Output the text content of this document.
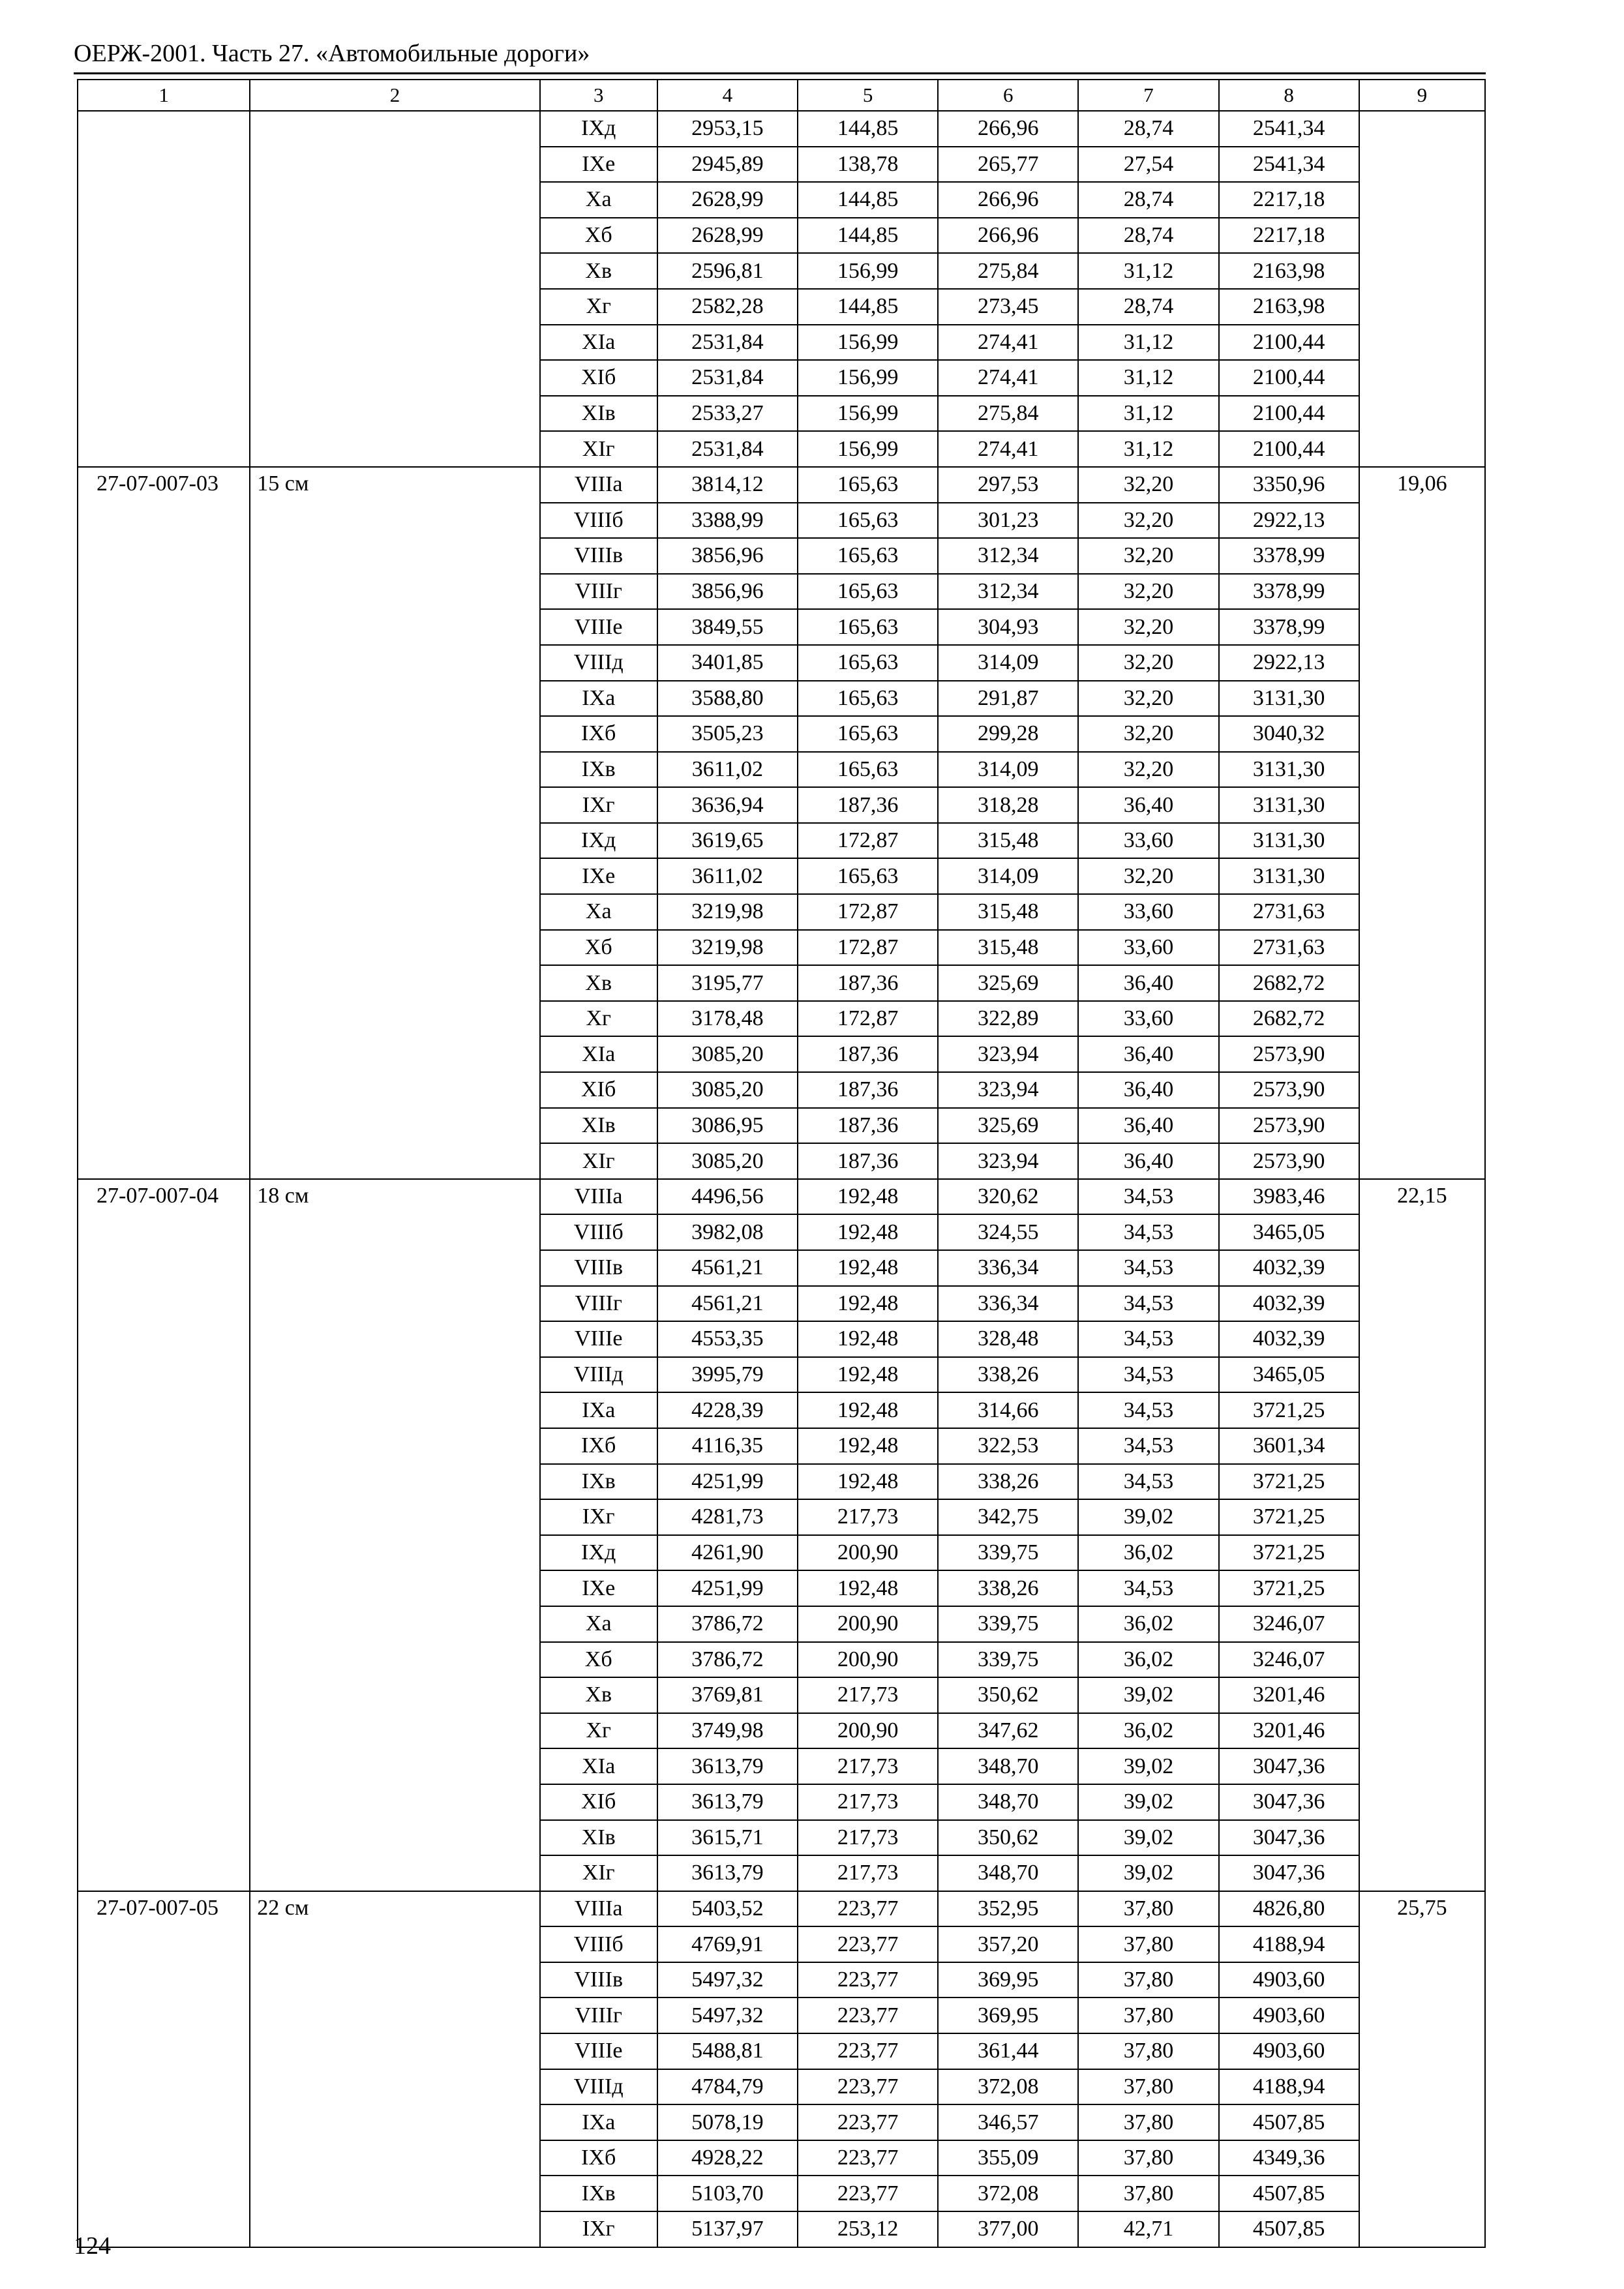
ОЕРЖ-2001. Часть 27. «Автомобильные дороги»
1	2	3	4	5	6	7	8	9
		IXд	2953,15	144,85	266,96	28,74	2541,34	
		IXе	2945,89	138,78	265,77	27,54	2541,34	
		Xа	2628,99	144,85	266,96	28,74	2217,18	
		Xб	2628,99	144,85	266,96	28,74	2217,18	
		Xв	2596,81	156,99	275,84	31,12	2163,98	
		Xг	2582,28	144,85	273,45	28,74	2163,98	
		XIа	2531,84	156,99	274,41	31,12	2100,44	
		XIб	2531,84	156,99	274,41	31,12	2100,44	
		XIв	2533,27	156,99	275,84	31,12	2100,44	
		XIг	2531,84	156,99	274,41	31,12	2100,44	
27-07-007-03	15 см	VIIIа	3814,12	165,63	297,53	32,20	3350,96	19,06
		VIIIб	3388,99	165,63	301,23	32,20	2922,13	
		VIIIв	3856,96	165,63	312,34	32,20	3378,99	
		VIIIг	3856,96	165,63	312,34	32,20	3378,99	
		VIIIе	3849,55	165,63	304,93	32,20	3378,99	
		VIIIд	3401,85	165,63	314,09	32,20	2922,13	
		IXа	3588,80	165,63	291,87	32,20	3131,30	
		IXб	3505,23	165,63	299,28	32,20	3040,32	
		IXв	3611,02	165,63	314,09	32,20	3131,30	
		IXг	3636,94	187,36	318,28	36,40	3131,30	
		IXд	3619,65	172,87	315,48	33,60	3131,30	
		IXе	3611,02	165,63	314,09	32,20	3131,30	
		Xа	3219,98	172,87	315,48	33,60	2731,63	
		Xб	3219,98	172,87	315,48	33,60	2731,63	
		Xв	3195,77	187,36	325,69	36,40	2682,72	
		Xг	3178,48	172,87	322,89	33,60	2682,72	
		XIа	3085,20	187,36	323,94	36,40	2573,90	
		XIб	3085,20	187,36	323,94	36,40	2573,90	
		XIв	3086,95	187,36	325,69	36,40	2573,90	
		XIг	3085,20	187,36	323,94	36,40	2573,90	
27-07-007-04	18 см	VIIIа	4496,56	192,48	320,62	34,53	3983,46	22,15
		VIIIб	3982,08	192,48	324,55	34,53	3465,05	
		VIIIв	4561,21	192,48	336,34	34,53	4032,39	
		VIIIг	4561,21	192,48	336,34	34,53	4032,39	
		VIIIе	4553,35	192,48	328,48	34,53	4032,39	
		VIIIд	3995,79	192,48	338,26	34,53	3465,05	
		IXа	4228,39	192,48	314,66	34,53	3721,25	
		IXб	4116,35	192,48	322,53	34,53	3601,34	
		IXв	4251,99	192,48	338,26	34,53	3721,25	
		IXг	4281,73	217,73	342,75	39,02	3721,25	
		IXд	4261,90	200,90	339,75	36,02	3721,25	
		IXе	4251,99	192,48	338,26	34,53	3721,25	
		Xа	3786,72	200,90	339,75	36,02	3246,07	
		Xб	3786,72	200,90	339,75	36,02	3246,07	
		Xв	3769,81	217,73	350,62	39,02	3201,46	
		Xг	3749,98	200,90	347,62	36,02	3201,46	
		XIа	3613,79	217,73	348,70	39,02	3047,36	
		XIб	3613,79	217,73	348,70	39,02	3047,36	
		XIв	3615,71	217,73	350,62	39,02	3047,36	
		XIг	3613,79	217,73	348,70	39,02	3047,36	
27-07-007-05	22 см	VIIIа	5403,52	223,77	352,95	37,80	4826,80	25,75
		VIIIб	4769,91	223,77	357,20	37,80	4188,94	
		VIIIв	5497,32	223,77	369,95	37,80	4903,60	
		VIIIг	5497,32	223,77	369,95	37,80	4903,60	
		VIIIе	5488,81	223,77	361,44	37,80	4903,60	
		VIIIд	4784,79	223,77	372,08	37,80	4188,94	
		IXа	5078,19	223,77	346,57	37,80	4507,85	
		IXб	4928,22	223,77	355,09	37,80	4349,36	
		IXв	5103,70	223,77	372,08	37,80	4507,85	
		IXг	5137,97	253,12	377,00	42,71	4507,85	
124
